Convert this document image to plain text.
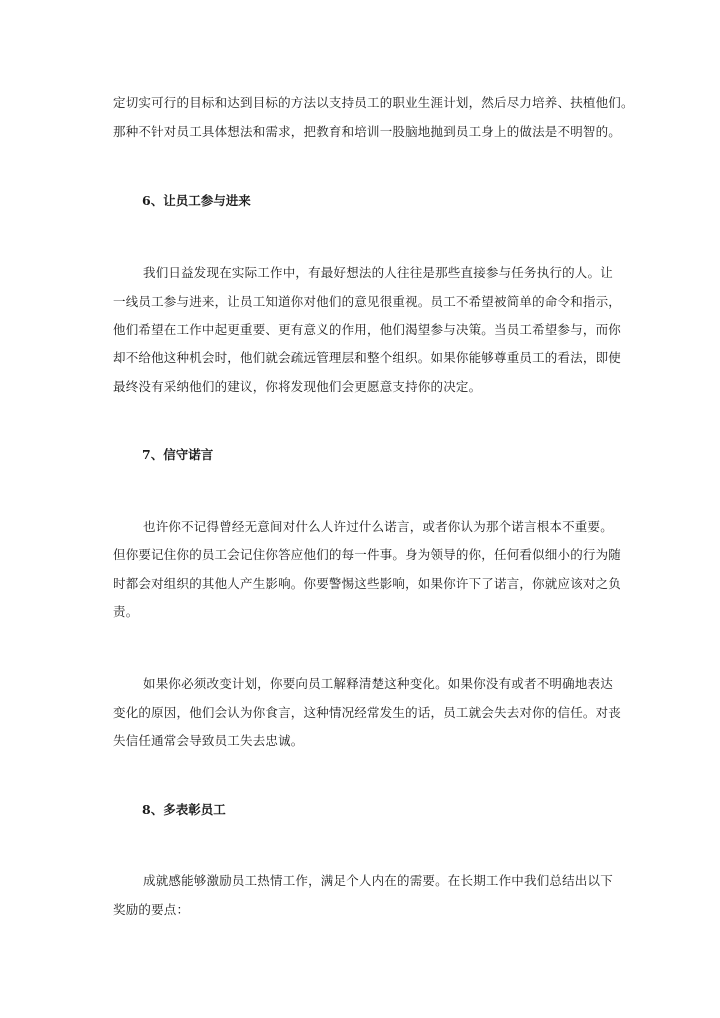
定切实可行的目标和达到目标的方法以支持员工的职业生涯计划，然后尽力培养、扶植他们。
那种不针对员工具体想法和需求，把教育和培训一股脑地抛到员工身上的做法是不明智的。
6、让员工参与进来
我们日益发现在实际工作中，有最好想法的人往往是那些直接参与任务执行的人。让
一线员工参与进来，让员工知道你对他们的意见很重视。员工不希望被简单的命令和指示，
他们希望在工作中起更重要、更有意义的作用，他们渴望参与决策。当员工希望参与，而你
却不给他这种机会时，他们就会疏远管理层和整个组织。如果你能够尊重员工的看法，即使
最终没有采纳他们的建议，你将发现他们会更愿意支持你的决定。
7、信守诺言
也许你不记得曾经无意间对什么人许过什么诺言，或者你认为那个诺言根本不重要。
但你要记住你的员工会记住你答应他们的每一件事。身为领导的你，任何看似细小的行为随
时都会对组织的其他人产生影响。你要警惕这些影响，如果你许下了诺言，你就应该对之负
责。
如果你必须改变计划，你要向员工解释清楚这种变化。如果你没有或者不明确地表达
变化的原因，他们会认为你食言，这种情况经常发生的话，员工就会失去对你的信任。对丧
失信任通常会导致员工失去忠诚。
8、多表彰员工
成就感能够激励员工热情工作，满足个人内在的需要。在长期工作中我们总结出以下
奖励的要点：
